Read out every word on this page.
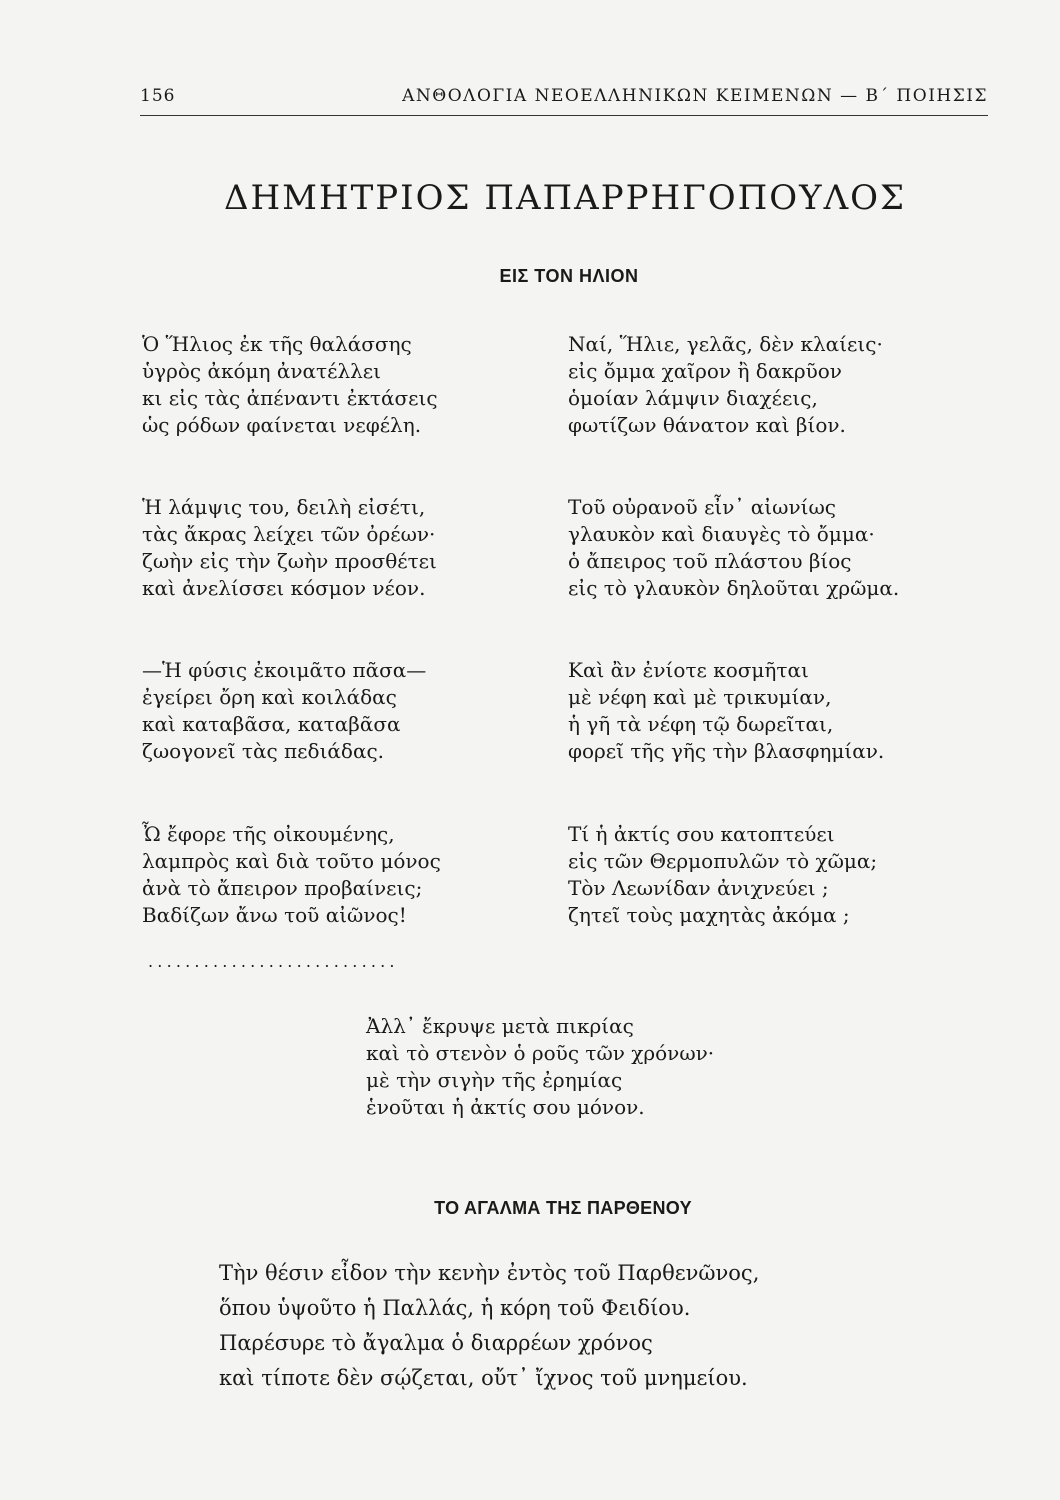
156	ΑΝΘΟΛΟΓΙΑ ΝΕΟΕΛΛΗΝΙΚΩΝ ΚΕΙΜΕΝΩΝ — Β΄ ΠΟΙΗΣΙΣ
ΔΗΜΗΤΡΙΟΣ ΠΑΠΑΡΡΗΓΟΠΟΥΛΟΣ
ΕΙΣ ΤΟΝ ΗΛΙΟΝ
Ὁ Ἥλιος ἐκ τῆς θαλάσσης
ὑγρὸς ἀκόμη ἀνατέλλει
κι εἰς τὰς ἀπέναντι ἐκτάσεις
ὡς ρόδων φαίνεται νεφέλη.
Ἡ λάμψις του, δειλὴ εἰσέτι,
τὰς ἄκρας λείχει τῶν ὀρέων·
ζωὴν εἰς τὴν ζωὴν προσθέτει
καὶ ἀνελίσσει κόσμον νέον.
—Ἡ φύσις ἐκοιμᾶτο πᾶσα—
ἐγείρει ὄρη καὶ κοιλάδας
καὶ καταβᾶσα, καταβᾶσα
ζωογονεῖ τὰς πεδιάδας.
Ὦ ἔφορε τῆς οἰκουμένης,
λαμπρὸς καὶ διὰ τοῦτο μόνος
ἀνὰ τὸ ἄπειρον προβαίνεις;
Βαδίζων ἄνω τοῦ αἰῶνος!
Ναί, Ἥλιε, γελᾶς, δὲν κλαίεις·
εἰς ὄμμα χαῖρον ἢ δακρῦον
ὁμοίαν λάμψιν διαχέεις,
φωτίζων θάνατον καὶ βίον.
Τοῦ οὐρανοῦ εἶν᾽ αἰωνίως
γλαυκὸν καὶ διαυγὲς τὸ ὄμμα·
ὁ ἄπειρος τοῦ πλάστου βίος
εἰς τὸ γλαυκὸν δηλοῦται χρῶμα.
Καὶ ἂν ἐνίοτε κοσμῆται
μὲ νέφη καὶ μὲ τρικυμίαν,
ἡ γῆ τὰ νέφη τῷ δωρεῖται,
φορεῖ τῆς γῆς τὴν βλασφημίαν.
Τί ἡ ἀκτίς σου κατοπτεύει
εἰς τῶν Θερμοπυλῶν τὸ χῶμα;
Τὸν Λεωνίδαν ἀνιχνεύει ;
ζητεῖ τοὺς μαχητὰς ἀκόμα ;
...........................
Ἀλλ᾽ ἔκρυψε μετὰ πικρίας
καὶ τὸ στενὸν ὁ ροῦς τῶν χρόνων·
μὲ τὴν σιγὴν τῆς ἐρημίας
ἑνοῦται ἡ ἀκτίς σου μόνον.
ΤΟ ΑΓΑΛΜΑ ΤΗΣ ΠΑΡΘΕΝΟΥ
Τὴν θέσιν εἶδον τὴν κενὴν ἐντὸς τοῦ Παρθενῶνος,
ὅπου ὑψοῦτο ἡ Παλλάς, ἡ κόρη τοῦ Φειδίου.
Παρέσυρε τὸ ἄγαλμα ὁ διαρρέων χρόνος
καὶ τίποτε δὲν σῴζεται, οὔτ᾽ ἴχνος τοῦ μνημείου.
